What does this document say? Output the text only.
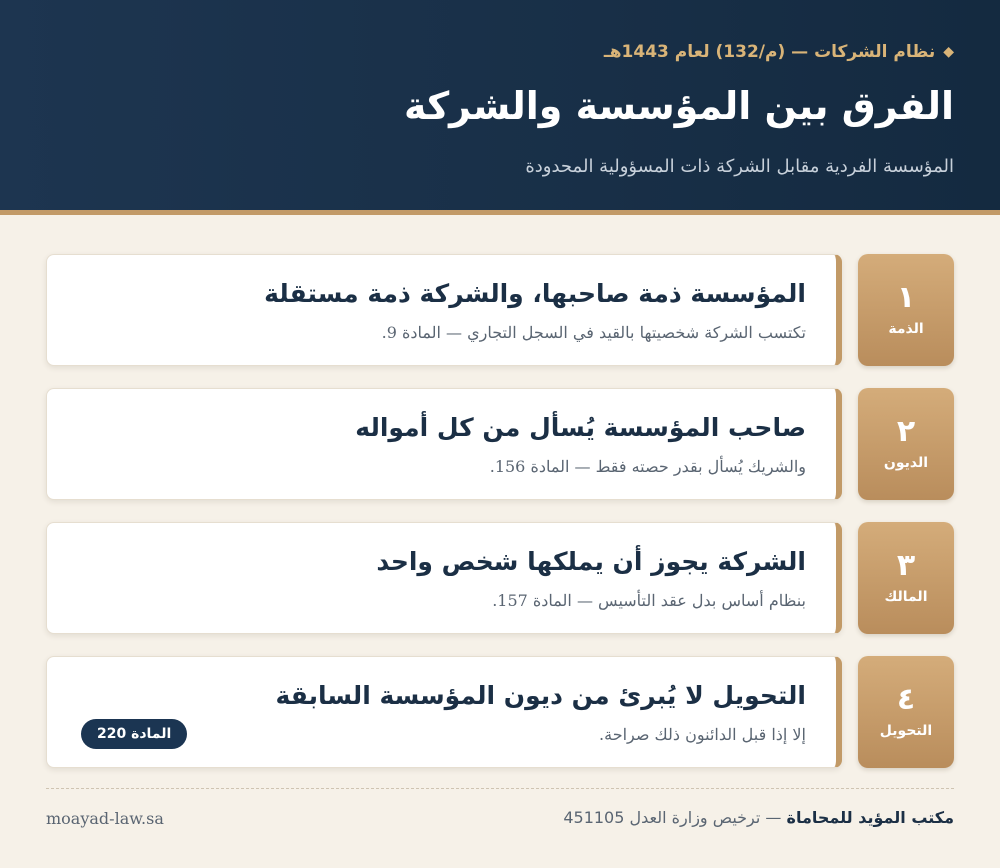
◆
نظام الشركات — (م/132) لعام 1443هـ
الفرق بين المؤسسة والشركة
المؤسسة الفردية مقابل الشركة ذات المسؤولية المحدودة
١
الذمة
المؤسسة ذمة صاحبها، والشركة ذمة مستقلة
تكتسب الشركة شخصيتها بالقيد في السجل التجاري — المادة 9.
٢
الديون
صاحب المؤسسة يُسأل من كل أمواله
والشريك يُسأل بقدر حصته فقط — المادة 156.
٣
المالك
الشركة يجوز أن يملكها شخص واحد
بنظام أساس بدل عقد التأسيس — المادة 157.
٤
التحويل
التحويل لا يُبرئ من ديون المؤسسة السابقة
إلا إذا قبل الدائنون ذلك صراحة.
المادة 220
مكتب المؤيد للمحاماة — ترخيص وزارة العدل 451105
moayad-law.sa
